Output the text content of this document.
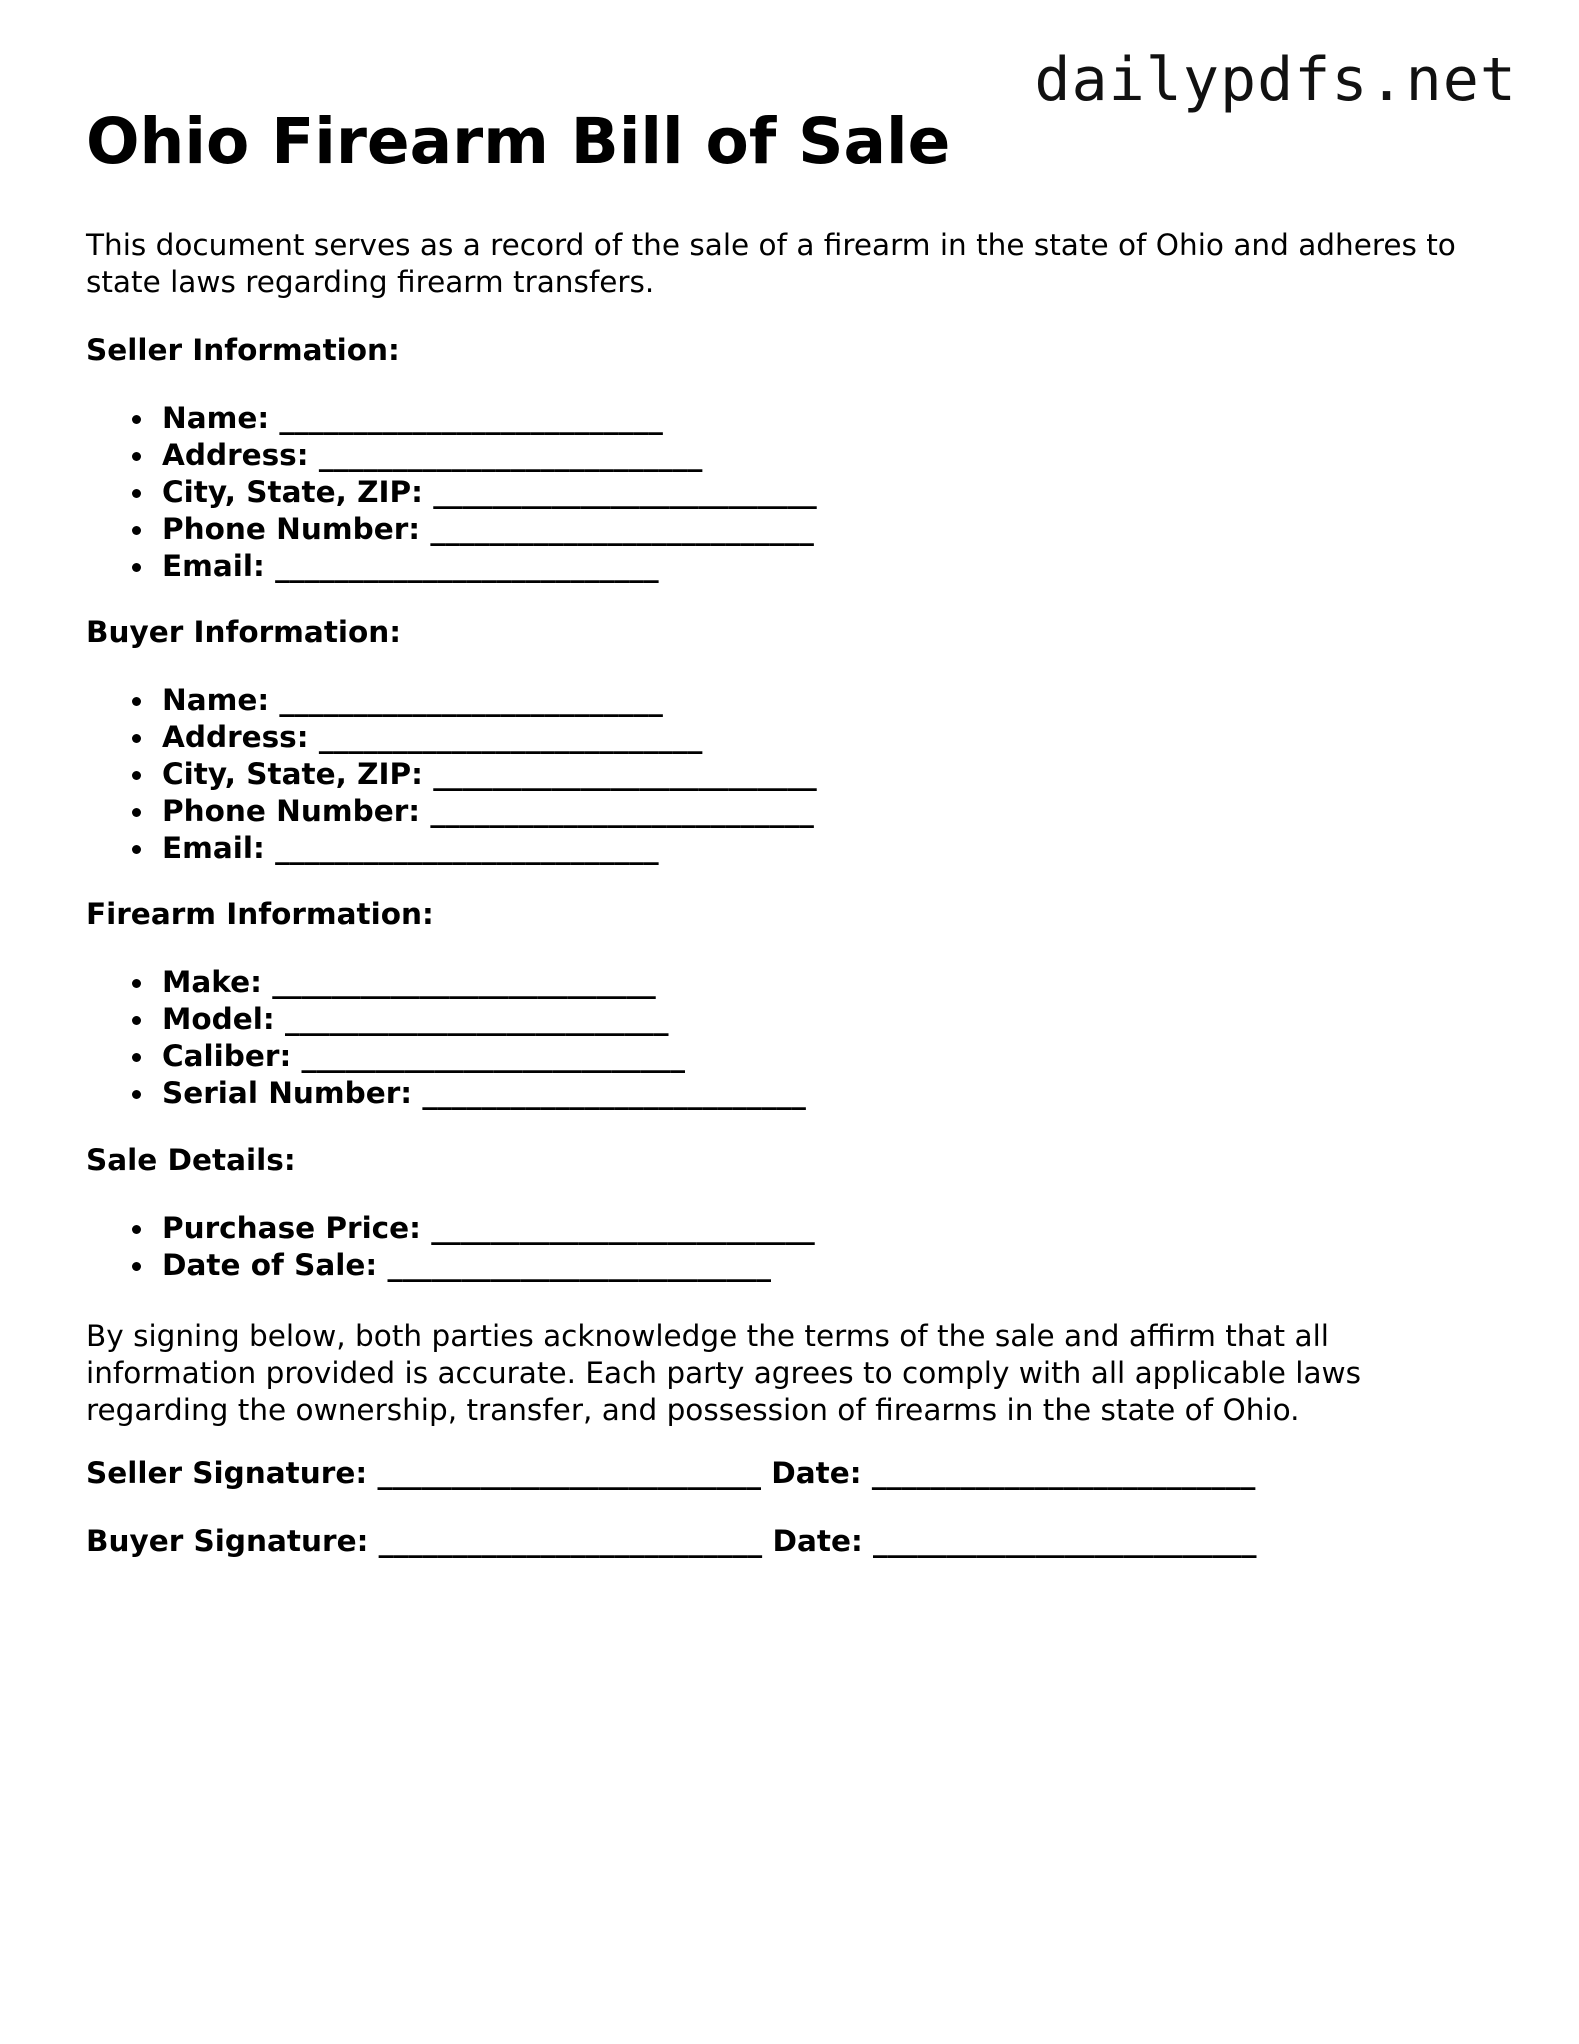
dailypdfs.net
Ohio Firearm Bill of Sale

This document serves as a record of the sale of a firearm in the state of Ohio and adheres to state laws regarding firearm transfers.

Seller Information:

Name: __________________________
Address: __________________________
City, State, ZIP: __________________________
Phone Number: __________________________
Email: __________________________

Buyer Information:

Name: __________________________
Address: __________________________
City, State, ZIP: __________________________
Phone Number: __________________________
Email: __________________________

Firearm Information:

Make: __________________________
Model: __________________________
Caliber: __________________________
Serial Number: __________________________

Sale Details:

Purchase Price: __________________________
Date of Sale: __________________________

By signing below, both parties acknowledge the terms of the sale and affirm that all information provided is accurate. Each party agrees to comply with all applicable laws regarding the ownership, transfer, and possession of firearms in the state of Ohio.

Seller Signature: __________________________ Date: __________________________

Buyer Signature: __________________________ Date: __________________________
